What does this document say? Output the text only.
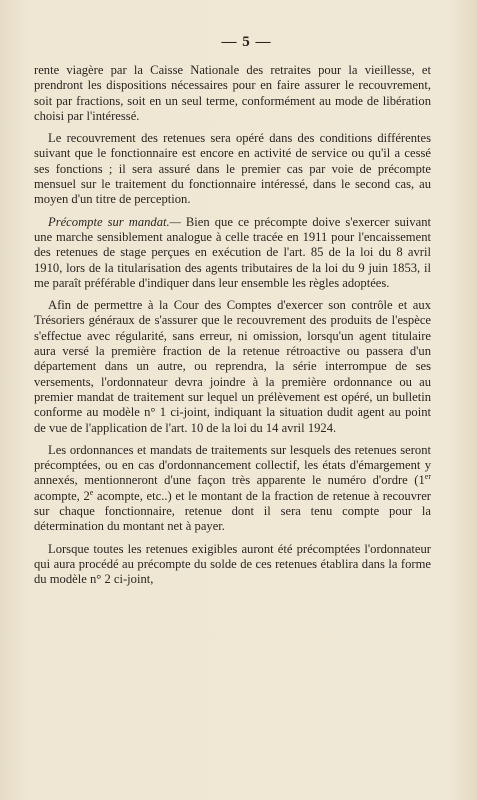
— 5 —

rente viagère par la Caisse Nationale des retraites pour la vieillesse, et prendront les dispositions nécessaires pour en faire assurer le recouvrement, soit par fractions, soit en un seul terme, conformément au mode de libération choisi par l'intéressé.

Le recouvrement des retenues sera opéré dans des conditions différentes suivant que le fonctionnaire est encore en activité de service ou qu'il a cessé ses fonctions ; il sera assuré dans le premier cas par voie de précompte mensuel sur le traitement du fonctionnaire intéressé, dans le second cas, au moyen d'un titre de perception.

Précompte sur mandat.— Bien que ce précompte doive s'exercer suivant une marche sensiblement analogue à celle tracée en 1911 pour l'encaissement des retenues de stage perçues en exécution de l'art. 85 de la loi du 8 avril 1910, lors de la titularisation des agents tributaires de la loi du 9 juin 1853, il me paraît préférable d'indiquer dans leur ensemble les règles adoptées.

Afin de permettre à la Cour des Comptes d'exercer son contrôle et aux Trésoriers généraux de s'assurer que le recouvrement des produits de l'espèce s'effectue avec régularité, sans erreur, ni omission, lorsqu'un agent titulaire aura versé la première fraction de la retenue rétroactive ou passera d'un département dans un autre, ou reprendra, la série interrompue de ses versements, l'ordonnateur devra joindre à la première ordonnance ou au premier mandat de traitement sur lequel un prélèvement est opéré, un bulletin conforme au modèle n° 1 ci-joint, indiquant la situation dudit agent au point de vue de l'application de l'art. 10 de la loi du 14 avril 1924.

Les ordonnances et mandats de traitements sur lesquels des retenues seront précomptées, ou en cas d'ordonnancement collectif, les états d'émargement y annexés, mentionneront d'une façon très apparente le numéro d'ordre (1er acompte, 2e acompte, etc..) et le montant de la fraction de retenue à recouvrer sur chaque fonctionnaire, retenue dont il sera tenu compte pour la détermination du montant net à payer.

Lorsque toutes les retenues exigibles auront été précomptées l'ordonnateur qui aura procédé au précompte du solde de ces retenues établira dans la forme du modèle n° 2 ci-joint,
